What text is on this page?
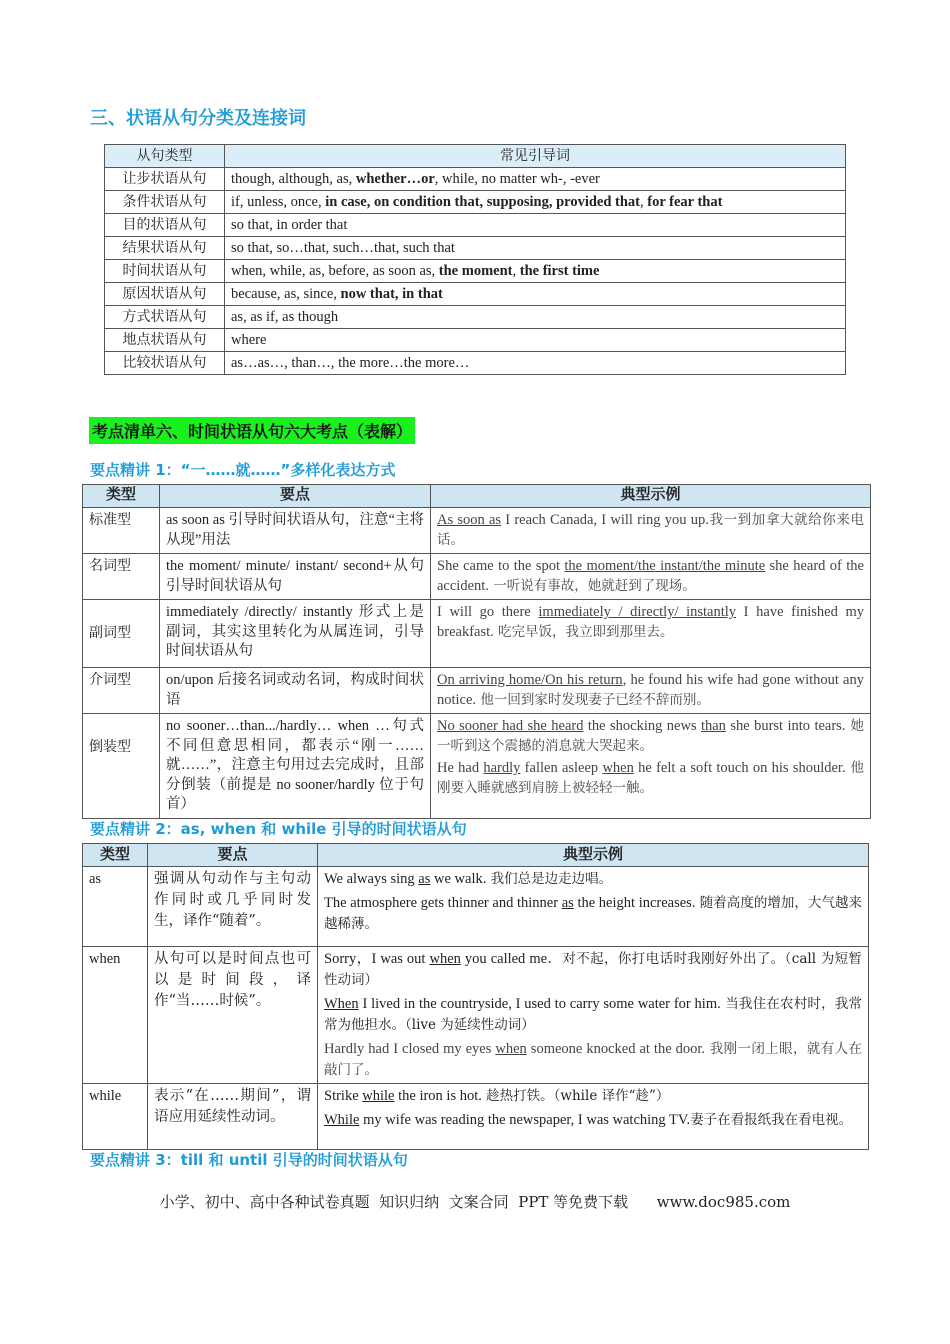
三、状语从句分类及连接词
从句类型	常见引导词
让步状语从句	though, although, as, whether…or, while, no matter wh-, -ever
条件状语从句	if, unless, once, in case, on condition that, supposing, provided that, for fear that
目的状语从句	so that, in order that
结果状语从句	so that, so…that, such…that, such that
时间状语从句	when, while, as, before, as soon as, the moment, the first time
原因状语从句	because, as, since, now that, in that
方式状语从句	as, as if, as though
地点状语从句	where
比较状语从句	as…as…, than…, the more…the more…
考点清单六、时间状语从句六大考点（表解）
要点精讲 1：“一……就……”多样化表达方式
类型	要点	典型示例
标准型	as soon as 引导时间状语从句，注意“主将从现”用法	As soon as I reach Canada, I will ring you up.我一到加拿大就给你来电话。
名词型	the moment/ minute/ instant/ second+从句引导时间状语从句	She came to the spot the moment/the instant/the minute she heard of the accident. 一听说有事故，她就赶到了现场。
副词型	immediately /directly/ instantly 形式上是副词，其实这里转化为从属连词，引导时间状语从句	I will go there immediately / directly/ instantly I have finished my breakfast. 吃完早饭，我立即到那里去。
介词型	on/upon 后接名词或动名词，构成时间状语	On arriving home/On his return, he found his wife had gone without any notice. 他一回到家时发现妻子已经不辞而别。
倒装型	no sooner…than.../hardly… when …句式不同但意思相同，都表示“刚一……就……”，注意主句用过去完成时，且部分倒装（前提是 no sooner/hardly 位于句首）	No sooner had she heard the shocking news than she burst into tears. 她一听到这个震撼的消息就大哭起来。

He had hardly fallen asleep when he felt a soft touch on his shoulder. 他刚要入睡就感到肩膀上被轻轻一触。

要点精讲 2：as, when 和 while 引导的时间状语从句
类型	要点	典型示例
as	强调从句动作与主句动作同时或几乎同时发生，译作“随着”。	We always sing as we walk. 我们总是边走边唱。

The atmosphere gets thinner and thinner as the height increases. 随着高度的增加，大气越来越稀薄。

when	从句可以是时间点也可以是时间段，译作“当……时候”。	Sorry，I was out when you called me．对不起，你打电话时我刚好外出了。（call 为短暂性动词）

When I lived in the countryside, I used to carry some water for him. 当我住在农村时，我常常为他担水。（live 为延续性动词）

Hardly had I closed my eyes when someone knocked at the door. 我刚一闭上眼，就有人在敲门了。

while	表示“在……期间”，谓语应用延续性动词。	Strike while the iron is hot. 趁热打铁。（while 译作“趁”）

While my wife was reading the newspaper, I was watching TV.妻子在看报纸我在看电视。

要点精讲 3：till 和 until 引导的时间状语从句
小学、初中、高中各种试卷真题  知识归纳  文案合同  PPT 等免费下载      www.doc985.com
